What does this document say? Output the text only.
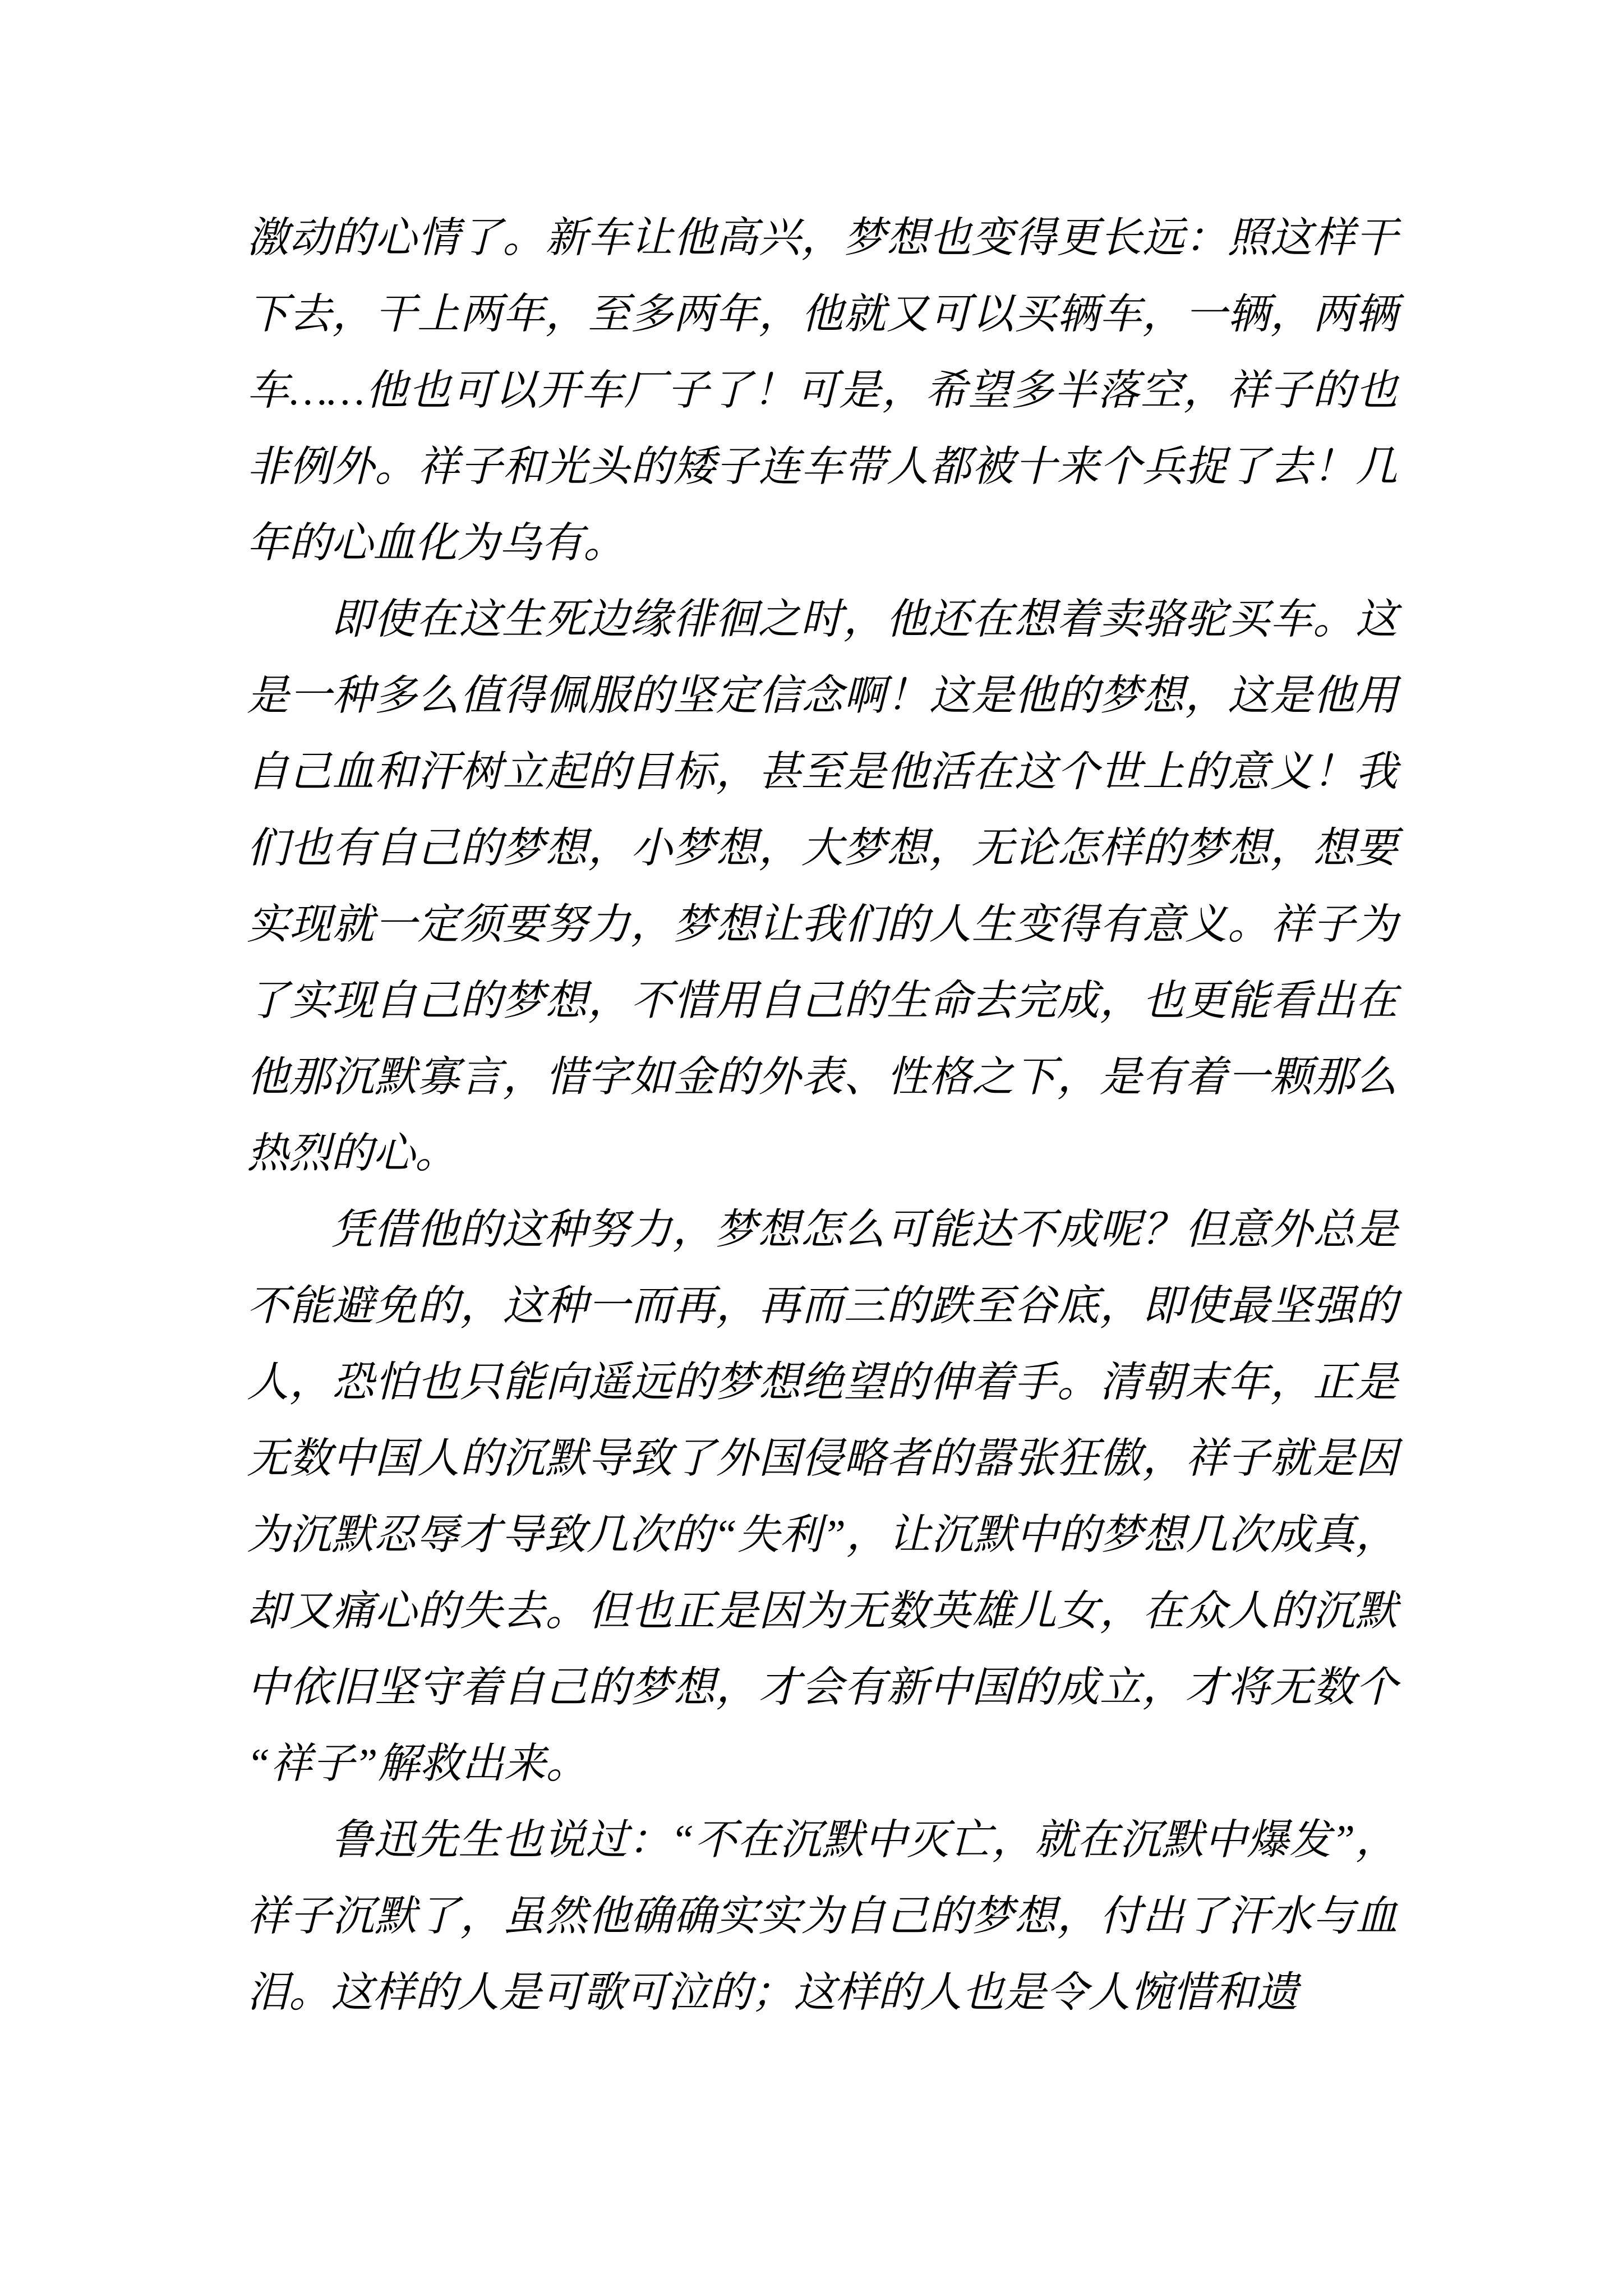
激动的心情了。新车让他高兴，梦想也变得更长远：照这样干下去，干上两年，至多两年，他就又可以买辆车，一辆，两辆车……他也可以开车厂子了！可是，希望多半落空，祥子的也非例外。祥子和光头的矮子连车带人都被十来个兵捉了去！几年的心血化为乌有。

即使在这生死边缘徘徊之时，他还在想着卖骆驼买车。这是一种多么值得佩服的坚定信念啊！这是他的梦想，这是他用自己血和汗树立起的目标，甚至是他活在这个世上的意义！我们也有自己的梦想，小梦想，大梦想，无论怎样的梦想，想要实现就一定须要努力，梦想让我们的人生变得有意义。祥子为了实现自己的梦想，不惜用自己的生命去完成，也更能看出在他那沉默寡言，惜字如金的外表、性格之下，是有着一颗那么热烈的心。

凭借他的这种努力，梦想怎么可能达不成呢？但意外总是不能避免的，这种一而再，再而三的跌至谷底，即使最坚强的人，恐怕也只能向遥远的梦想绝望的伸着手。清朝末年，正是无数中国人的沉默导致了外国侵略者的嚣张狂傲，祥子就是因为沉默忍辱才导致几次的“失利”，让沉默中的梦想几次成真，却又痛心的失去。但也正是因为无数英雄儿女，在众人的沉默中依旧坚守着自己的梦想，才会有新中国的成立，才将无数个“祥子”解救出来。

鲁迅先生也说过：“不在沉默中灭亡，就在沉默中爆发”，祥子沉默了，虽然他确确实实为自己的梦想，付出了汗水与血泪。这样的人是可歌可泣的；这样的人也是令人惋惜和遗
